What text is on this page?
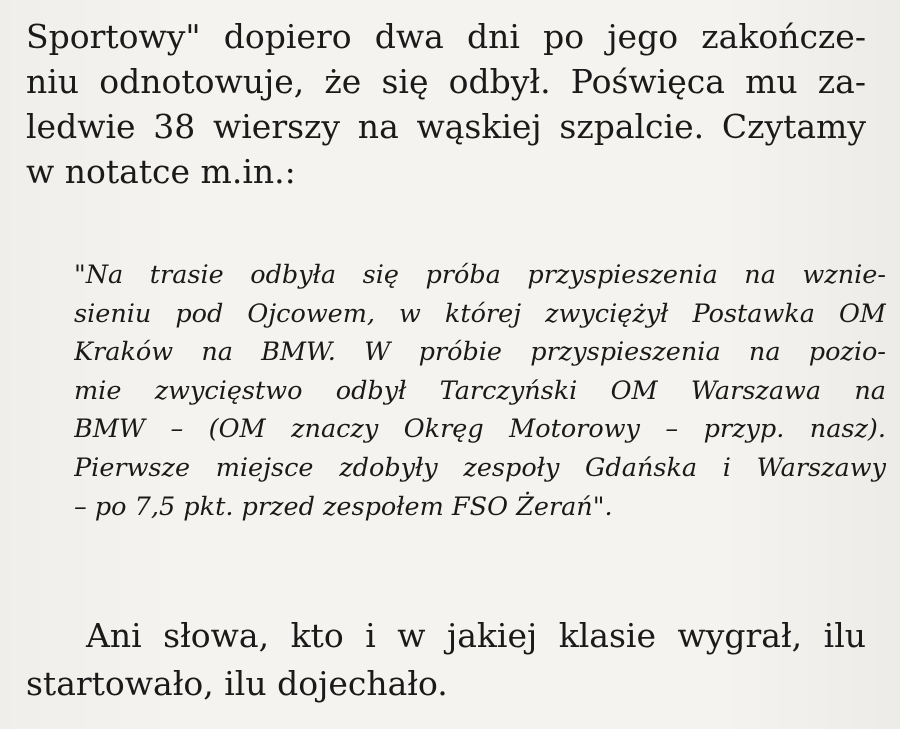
Sportowy" dopiero dwa dni po jego zakończe-
niu odnotowuje, że się odbył. Poświęca mu za-
ledwie 38 wierszy na wąskiej szpalcie. Czytamy
w notatce m.in.:
"Na trasie odbyła się próba przyspieszenia na wznie-
sieniu pod Ojcowem, w której zwyciężył Postawka OM
Kraków na BMW. W próbie przyspieszenia na pozio-
mie zwycięstwo odbył Tarczyński OM Warszawa na
BMW – (OM znaczy Okręg Motorowy – przyp. nasz).
Pierwsze miejsce zdobyły zespoły Gdańska i Warszawy
– po 7,5 pkt. przed zespołem FSO Żerań".
Ani słowa, kto i w jakiej klasie wygrał, ilu
startowało, ilu dojechało.
